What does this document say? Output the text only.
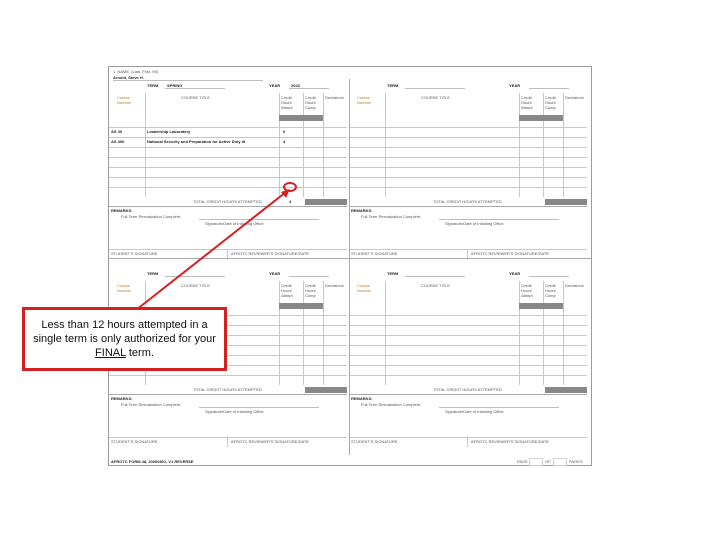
1. NAME: (Last, First, MI)
Arnold, Steve H.
TERM SPRING	YEAR	2023
Course Number
COURSE TITLE	Credit Hours Attmpt
Credit Hours Comp
Deviations
AS 30	Leadership Laboratory	0
AS 400	National Security and Preparation for Active Duty III	4
TOTAL CREDIT HOURS ATTEMPTED	4
REMARKS:
Full Term Reevaluation Complete:
Signature/Date of Initiating Office
STUDENT'S SIGNATURE	AFROTC REVIEWER'S SIGNATURE/DATE
TERM	YEAR
Course Number
COURSE TITLE	Credit Hours Attmpt
Credit Hours Comp
Deviations
TOTAL CREDIT HOURS ATTEMPTED
REMARKS:
Full Term Reevaluation Complete:
Signature/Date of Initiating Office
STUDENT'S SIGNATURE	AFROTC REVIEWER'S SIGNATURE/DATE
TERM	YEAR
Course Number
COURSE TITLE	Credit Hours Attmpt
Credit Hours Comp
Deviations
TOTAL CREDIT HOURS ATTEMPTED
REMARKS:
Full Term Reevaluation Complete:
Signature/Date of Initiating Office
STUDENT'S SIGNATURE	AFROTC REVIEWER'S SIGNATURE/DATE
TERM	YEAR
Course Number
COURSE TITLE	Credit Hours Attmpt
Credit Hours Comp
Deviations
TOTAL CREDIT HOURS ATTEMPTED
REMARKS:
Full Term Reevaluation Complete:
Signature/Date of Initiating Office
STUDENT'S SIGNATURE	AFROTC REVIEWER'S SIGNATURE/DATE
AFROTC FORM 48, 20060801, V1 REVERSE	PAGE	OF	PAGES
Less than 12 hours attempted in a single term is only authorized for your FINAL term.
